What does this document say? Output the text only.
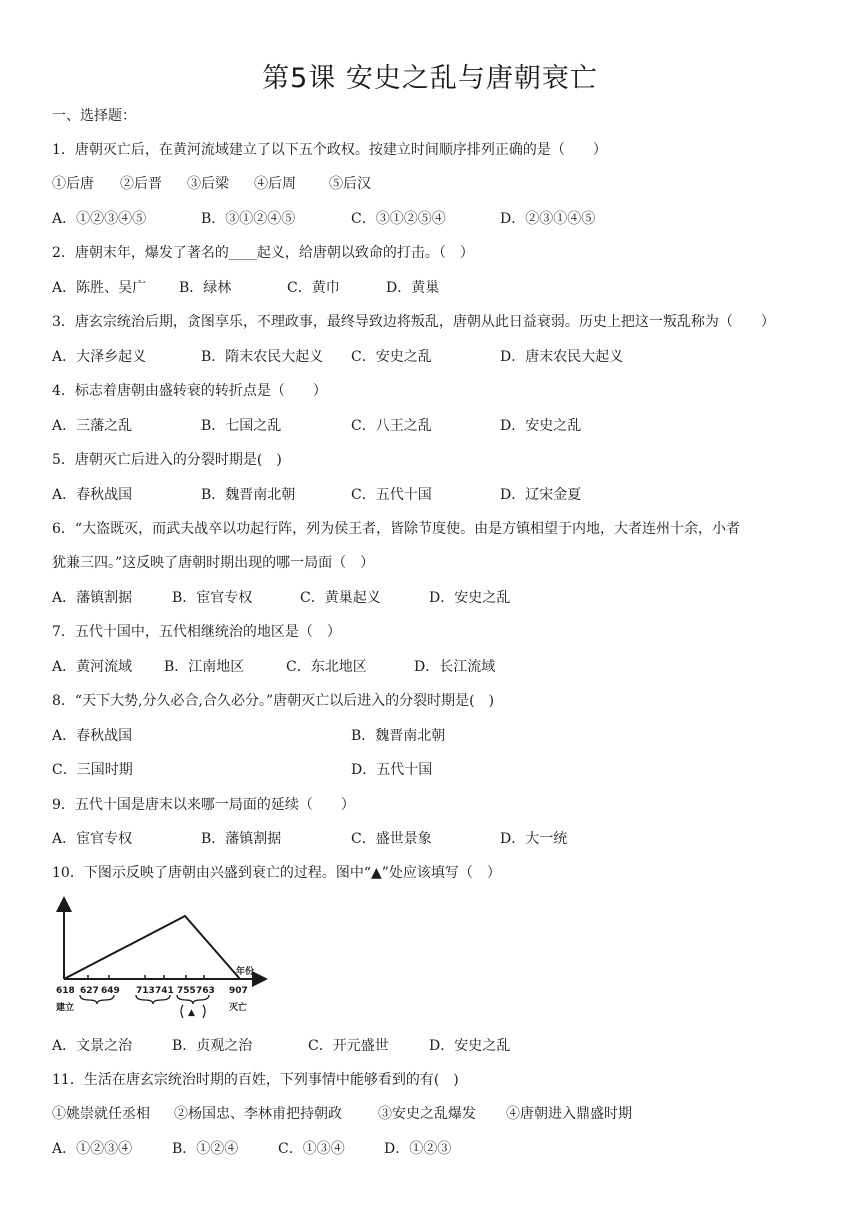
第5课 安史之乱与唐朝衰亡
一、选择题：
1．唐朝灭亡后，在黄河流域建立了以下五个政权。按建立时间顺序排列正确的是（　　）
①后唐 ②后晋 ③后梁 ④后周 ⑤后汉
A．①②③④⑤	B．③①②④⑤	C．③①②⑤④	D．②③①④⑤
2．唐朝末年，爆发了著名的____起义，给唐朝以致命的打击。（　）
A．陈胜、吴广 B．绿林	C．黄巾	D．黄巢
3．唐玄宗统治后期，贪图享乐，不理政事，最终导致边将叛乱，唐朝从此日益衰弱。历史上把这一叛乱称为（　　）
A．大泽乡起义	B．隋末农民大起义 C．安史之乱	D．唐末农民大起义
4．标志着唐朝由盛转衰的转折点是（　　）
A．三藩之乱	B．七国之乱	C．八王之乱	D．安史之乱
5．唐朝灭亡后进入的分裂时期是(　)
A．春秋战国	B．魏晋南北朝	C．五代十国	D．辽宋金夏
6．“大盗既灭，而武夫战卒以功起行阵，列为侯王者，皆除节度使。由是方镇相望于内地，大者连州十余，小者
犹兼三四。”这反映了唐朝时期出现的哪一局面（　）
A．藩镇割据	B．宦官专权	C．黄巢起义	D．安史之乱
7．五代十国中，五代相继统治的地区是（　）
A．黄河流域 B．江南地区	C．东北地区	D．长江流域
8．“天下大势,分久必合,合久必分。”唐朝灭亡以后进入的分裂时期是(　)
A．春秋战国	B．魏晋南北朝
C．三国时期	D．五代十国
9．五代十国是唐末以来哪一局面的延续（　　）
A．宦官专权	B．藩镇割据	C．盛世景象	D．大一统
10．下图示反映了唐朝由兴盛到衰亡的过程。图中“▲”处应该填写（　）
年份
618 627 649 713 741 755 763 907
建立	灭亡
▲
A．文景之治	B．贞观之治	C．开元盛世	D．安史之乱
11．生活在唐玄宗统治时期的百姓，下列事情中能够看到的有(　)
①姚崇就任丞相 ②杨国忠、李林甫把持朝政	③安史之乱爆发 ④唐朝进入鼎盛时期
A．①②③④	B．①②④	C．①③④	D．①②③
